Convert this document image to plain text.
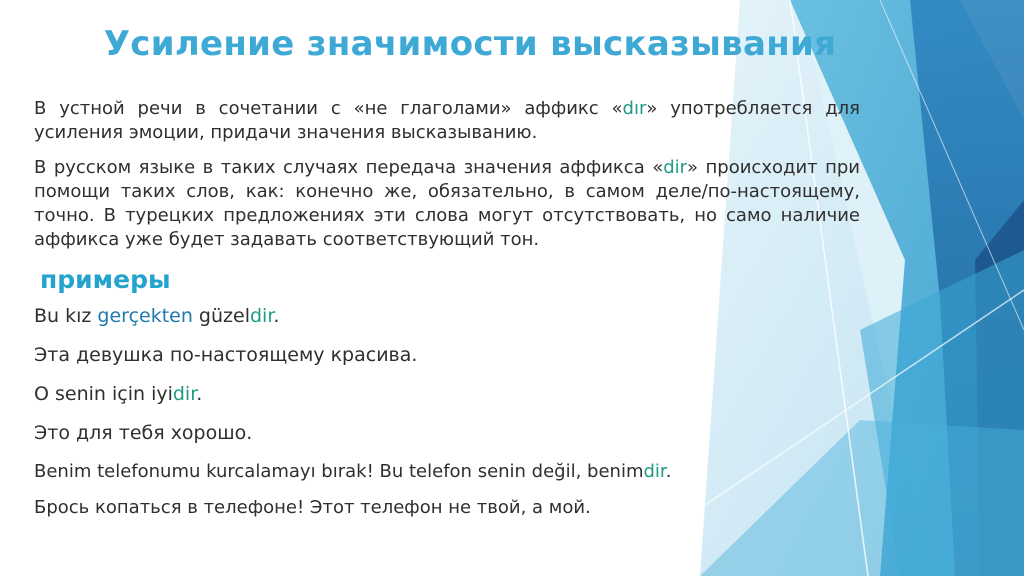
Усиление значимости высказывания

В устной речи в сочетании с «не глаголами» аффикс «dır» употребляется для усиления эмоции, придачи значения высказыванию.

В русском языке в таких случаях передача значения аффикса «dir» происходит при помощи таких слов, как: конечно же, обязательно, в самом деле/по-настоящему, точно. В турецких предложениях эти слова могут отсутствовать, но само наличие аффикса уже будет задавать соответствующий тон.

примеры
Bu kız gerçekten güzeldir.
Эта девушка по-настоящему красива.
O senin için iyidir.
Это для тебя хорошо.
Benim telefonumu kurcalamayı bırak! Bu telefon senin değil, benimdir.
Брось копаться в телефоне! Этот телефон не твой, а мой.
